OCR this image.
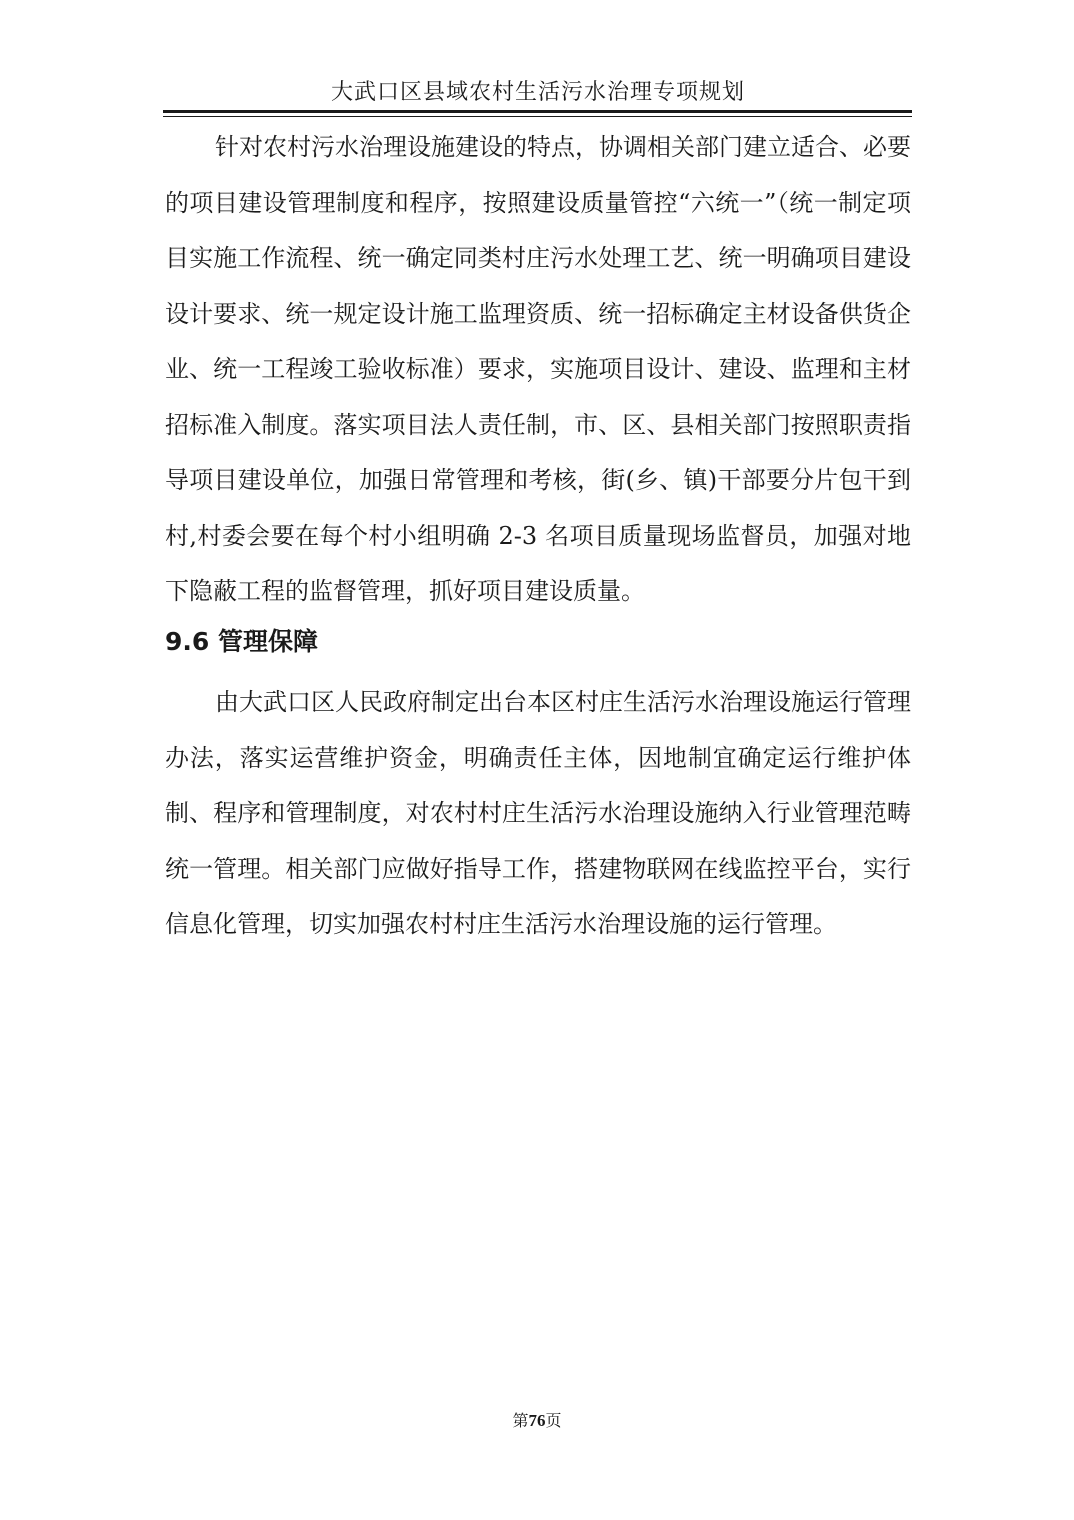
大武口区县域农村生活污水治理专项规划

针对农村污水治理设施建设的特点，协调相关部门建立适合、必要的项目建设管理制度和程序，按照建设质量管控“六统一”（统一制定项目实施工作流程、统一确定同类村庄污水处理工艺、统一明确项目建设设计要求、统一规定设计施工监理资质、统一招标确定主材设备供货企业、统一工程竣工验收标准）要求，实施项目设计、建设、监理和主材招标准入制度。落实项目法人责任制，市、区、县相关部门按照职责指导项目建设单位，加强日常管理和考核，街(乡、镇)干部要分片包干到村,村委会要在每个村小组明确 2-3 名项目质量现场监督员，加强对地下隐蔽工程的监督管理，抓好项目建设质量。

9.6 管理保障

由大武口区人民政府制定出台本区村庄生活污水治理设施运行管理办法，落实运营维护资金，明确责任主体，因地制宜确定运行维护体制、程序和管理制度，对农村村庄生活污水治理设施纳入行业管理范畴统一管理。相关部门应做好指导工作，搭建物联网在线监控平台，实行信息化管理，切实加强农村村庄生活污水治理设施的运行管理。

第76页
